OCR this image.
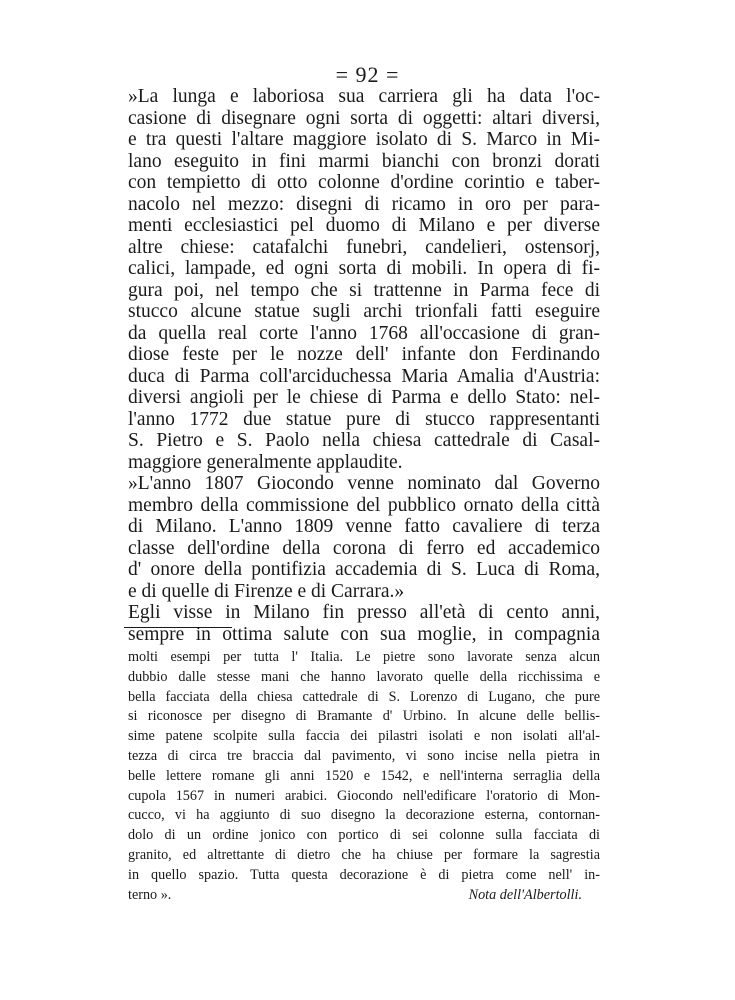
= 92 =
»La lunga e laboriosa sua carriera gli ha data l'oc-
casione di disegnare ogni sorta di oggetti: altari diversi,
e tra questi l'altare maggiore isolato di S. Marco in Mi-
lano eseguito in fini marmi bianchi con bronzi dorati
con tempietto di otto colonne d'ordine corintio e taber-
nacolo nel mezzo: disegni di ricamo in oro per para-
menti ecclesiastici pel duomo di Milano e per diverse
altre chiese: catafalchi funebri, candelieri, ostensorj,
calici, lampade, ed ogni sorta di mobili. In opera di fi-
gura poi, nel tempo che si trattenne in Parma fece di
stucco alcune statue sugli archi trionfali fatti eseguire
da quella real corte l'anno 1768 all'occasione di gran-
diose feste per le nozze dell' infante don Ferdinando
duca di Parma coll'arciduchessa Maria Amalia d'Austria:
diversi angioli per le chiese di Parma e dello Stato: nel-
l'anno 1772 due statue pure di stucco rappresentanti
S. Pietro e S. Paolo nella chiesa cattedrale di Casal-
maggiore generalmente applaudite.
»L'anno 1807 Giocondo venne nominato dal Governo
membro della commissione del pubblico ornato della città
di Milano. L'anno 1809 venne fatto cavaliere di terza
classe dell'ordine della corona di ferro ed accademico
d' onore della pontifizia accademia di S. Luca di Roma,
e di quelle di Firenze e di Carrara.»
Egli visse in Milano fin presso all'età di cento anni,
sempre in ottima salute con sua moglie, in compagnia
molti esempi per tutta l' Italia. Le pietre sono lavorate senza alcun
dubbio dalle stesse mani che hanno lavorato quelle della ricchissima e
bella facciata della chiesa cattedrale di S. Lorenzo di Lugano, che pure
si riconosce per disegno di Bramante d' Urbino. In alcune delle bellis-
sime patene scolpite sulla faccia dei pilastri isolati e non isolati all'al-
tezza di circa tre braccia dal pavimento, vi sono incise nella pietra in
belle lettere romane gli anni 1520 e 1542, e nell'interna serraglia della
cupola 1567 in numeri arabici. Giocondo nell'edificare l'oratorio di Mon-
cucco, vi ha aggiunto di suo disegno la decorazione esterna, contornan-
dolo di un ordine jonico con portico di sei colonne sulla facciata di
granito, ed altrettante di dietro che ha chiuse per formare la sagrestia
in quello spazio. Tutta questa decorazione è di pietra come nell' in-
terno ».	Nota dell'Albertolli.
